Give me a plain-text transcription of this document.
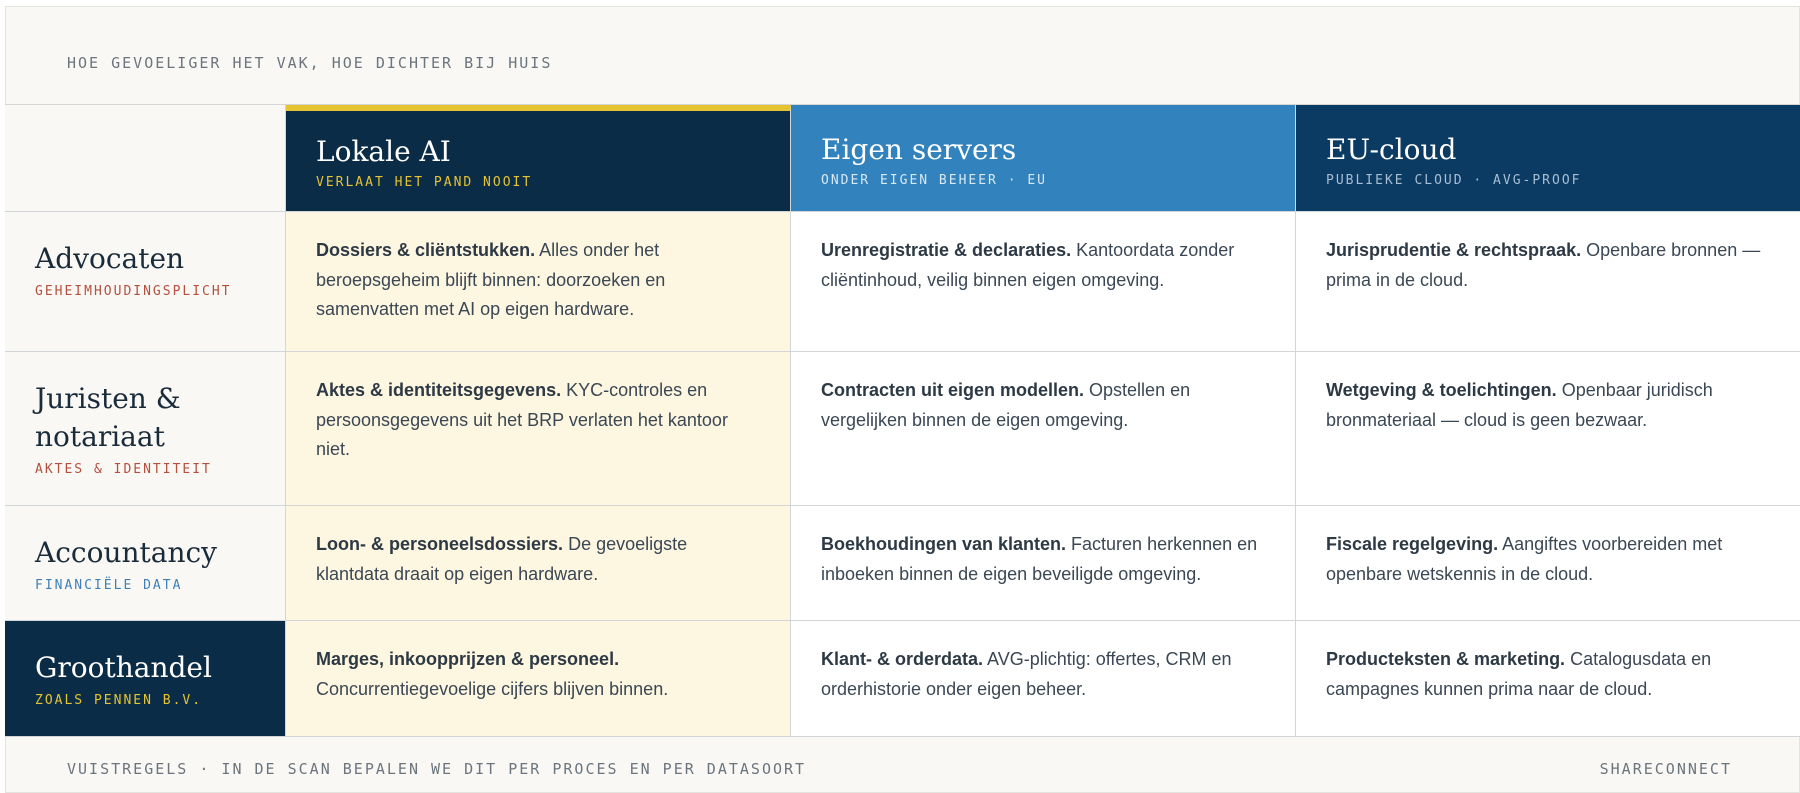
HOE GEVOELIGER HET VAK, HOE DICHTER BIJ HUIS
Lokale AI
VERLAAT HET PAND NOOIT
Eigen servers
ONDER EIGEN BEHEER · EU
EU-cloud
PUBLIEKE CLOUD · AVG-PROOF
Advocaten
GEHEIMHOUDINGSPLICHT
Dossiers & cliëntstukken. Alles onder het beroepsgeheim blijft binnen: doorzoeken en samenvatten met AI op eigen hardware.
Urenregistratie & declaraties. Kantoordata zonder cliëntinhoud, veilig binnen eigen omgeving.
Jurisprudentie & rechtspraak. Openbare bronnen — prima in de cloud.
Juristen & notariaat
AKTES & IDENTITEIT
Aktes & identiteitsgegevens. KYC-controles en persoonsgegevens uit het BRP verlaten het kantoor niet.
Contracten uit eigen modellen. Opstellen en vergelijken binnen de eigen omgeving.
Wetgeving & toelichtingen. Openbaar juridisch bronmateriaal — cloud is geen bezwaar.
Accountancy
FINANCIËLE DATA
Loon- & personeelsdossiers. De gevoeligste klantdata draait op eigen hardware.
Boekhoudingen van klanten. Facturen herkennen en inboeken binnen de eigen beveiligde omgeving.
Fiscale regelgeving. Aangiftes voorbereiden met openbare wetskennis in de cloud.
Groothandel
ZOALS PENNEN B.V.
Marges, inkoopprijzen & personeel. Concurrentiegevoelige cijfers blijven binnen.
Klant- & orderdata. AVG-plichtig: offertes, CRM en orderhistorie onder eigen beheer.
Producteksten & marketing. Catalogusdata en campagnes kunnen prima naar de cloud.
VUISTREGELS · IN DE SCAN BEPALEN WE DIT PER PROCES EN PER DATASOORT	SHARECONNECT
